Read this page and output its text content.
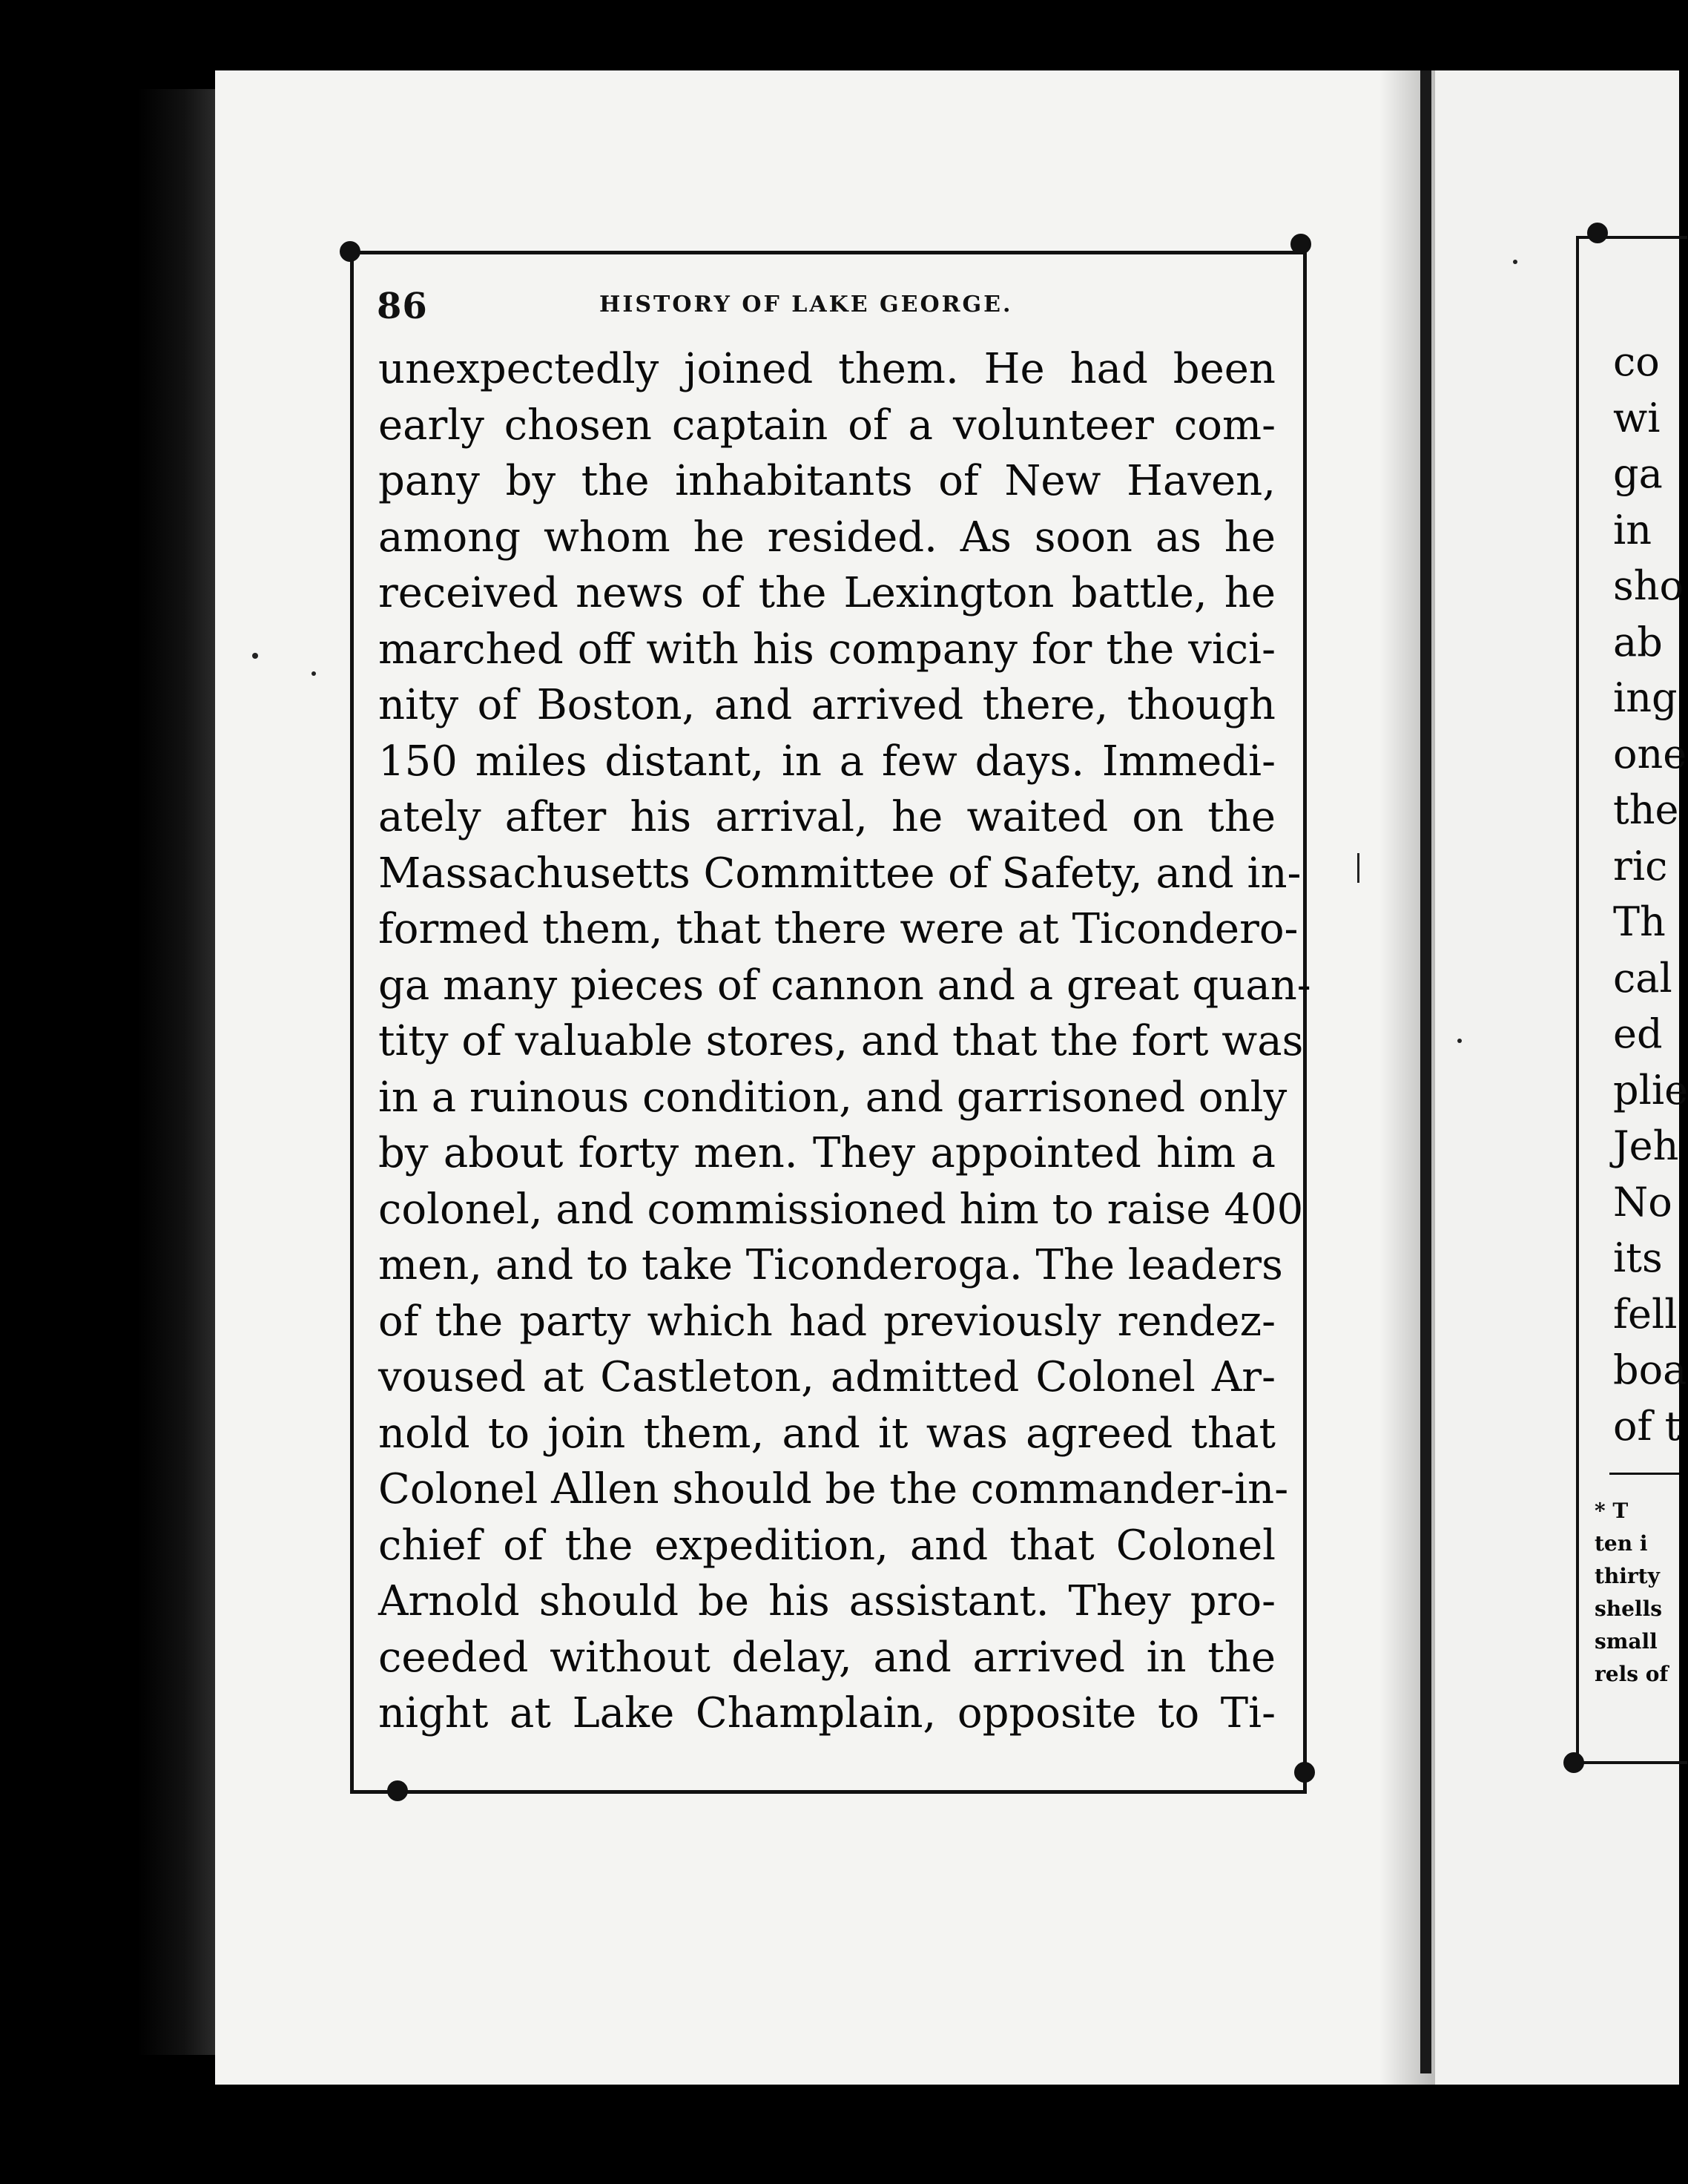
86	HISTORY OF LAKE GEORGE.
unexpectedly joined them. He had been
early chosen captain of a volunteer com-
pany by the inhabitants of New Haven,
among whom he resided. As soon as he
received news of the Lexington battle, he
marched off with his company for the vici-
nity of Boston, and arrived there, though
150 miles distant, in a few days. Immedi-
ately after his arrival, he waited on the
Massachusetts Committee of Safety, and in-
formed them, that there were at Ticondero-
ga many pieces of cannon and a great quan-
tity of valuable stores, and that the fort was
in a ruinous condition, and garrisoned only
by about forty men. They appointed him a
colonel, and commissioned him to raise 400
men, and to take Ticonderoga. The leaders
of the party which had previously rendez-
voused at Castleton, admitted Colonel Ar-
nold to join them, and it was agreed that
Colonel Allen should be the commander-in-
chief of the expedition, and that Colonel
Arnold should be his assistant. They pro-
ceeded without delay, and arrived in the
night at Lake Champlain, opposite to Ti-
co
wi
ga
in
sho
ab
ing
one
the
ric
Th
cal
ed
plie
Jeh
No
its
fell
boa
of t
* T
ten i
thirty
shells
small
rels of
